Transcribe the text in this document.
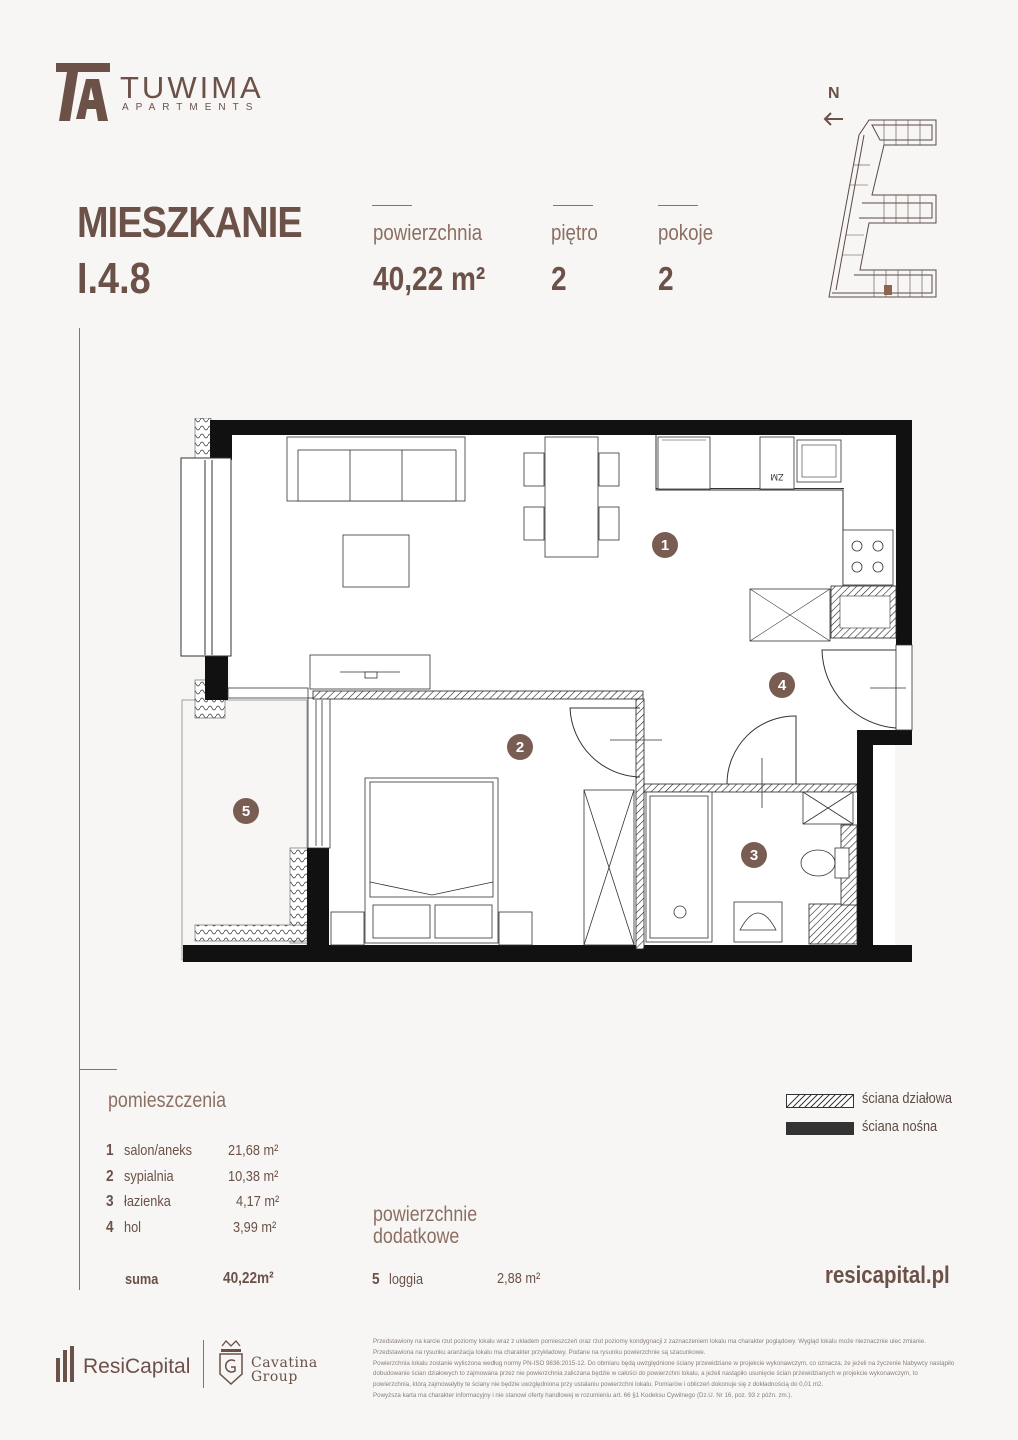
TUWIMA
APARTMENTS
MIESZKANIE
I.4.8
powierzchnia
40,22 m²
piętro
2
pokoje
2
N
ZM
1
2
3
4
5
pomieszczenia
1 salon/aneks 21,68 m²
2 sypialnia	10,38 m²
3 łazienka	4,17 m²
4 hol	3,99 m²
suma	40,22m²
powierzchnie
dodatkowe
5 loggia	2,88 m²
ściana działowa
ściana nośna
resicapital.pl
ResiCapital	Cavatina
Group
Przedstawiony na karcie rzut poziomy lokalu wraz z układem pomieszczeń oraz rzut poziomy kondygnacji z zaznaczeniem lokalu ma charakter poglądowy. Wygląd lokalu może nieznacznie ulec zmianie.
Przedstawiona na rysunku aranżacja lokalu ma charakter przykładowy. Podane na rysunku powierzchnie są szacunkowe.
Powierzchnia lokalu zostanie wyliczona według normy PN-ISO 9836:2015-12. Do obmiaru będą uwzględnione ściany przewidziane w projekcie wykonawczym, co oznacza, że jeżeli na życzenie Nabywcy nastąpiło dobudowanie ścian działowych to zajmowana przez nie powierzchnia zaliczana będzie w całości do powierzchni lokalu, a jeżeli nastąpiło usunięcie ścian przewidzianych w projekcie wykonawczym, to powierzchnia, którą zajmowałyby te ściany nie będzie uwzględniona przy ustalaniu powierzchni lokalu. Pomiarów i obliczeń dokonuje się z dokładnością do 0,01 m2.
Powyższa karta ma charakter informacyjny i nie stanowi oferty handlowej w rozumieniu art. 66 §1 Kodeksu Cywilnego (Dz.U. Nr 16, poz. 93 z późn. zm.).
